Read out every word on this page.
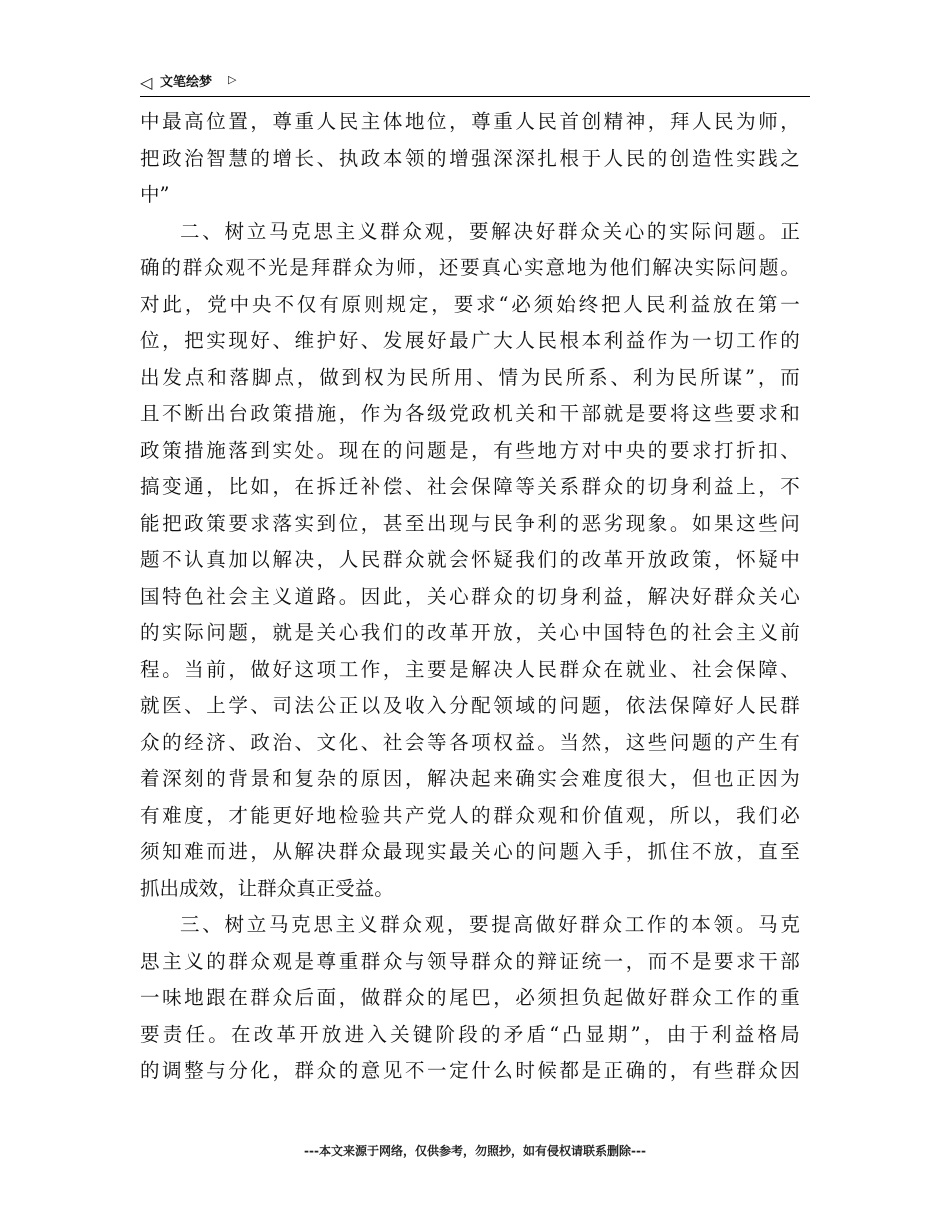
◁ 文笔绘梦 ▷
中 最 高 位 置 ， 尊 重 人 民 主 体 地 位 ， 尊 重 人 民 首 创 精 神 ， 拜 人 民 为 师 ，
把 政 治 智 慧 的 增 长 、 执 政 本 领 的 增 强 深 深 扎 根 于 人 民 的 创 造 性 实 践 之
中 ”
二 、 树 立 马 克 思 主 义 群 众 观 ， 要 解 决 好 群 众 关 心 的 实 际 问 题 。 正
确 的 群 众 观 不 光 是 拜 群 众 为 师 ， 还 要 真 心 实 意 地 为 他 们 解 决 实 际 问 题 。
对 此 ， 党 中 央 不 仅 有 原 则 规 定 ， 要 求 “ 必 须 始 终 把 人 民 利 益 放 在 第 一
位 ， 把 实 现 好 、 维 护 好 、 发 展 好 最 广 大 人 民 根 本 利 益 作 为 一 切 工 作 的
出 发 点 和 落 脚 点 ， 做 到 权 为 民 所 用 、 情 为 民 所 系 、 利 为 民 所 谋 ” ， 而
且 不 断 出 台 政 策 措 施 ， 作 为 各 级 党 政 机 关 和 干 部 就 是 要 将 这 些 要 求 和
政 策 措 施 落 到 实 处 。 现 在 的 问 题 是 ， 有 些 地 方 对 中 央 的 要 求 打 折 扣 、
搞 变 通 ， 比 如 ， 在 拆 迁 补 偿 、 社 会 保 障 等 关 系 群 众 的 切 身 利 益 上 ， 不
能 把 政 策 要 求 落 实 到 位 ， 甚 至 出 现 与 民 争 利 的 恶 劣 现 象 。 如 果 这 些 问
题 不 认 真 加 以 解 决 ， 人 民 群 众 就 会 怀 疑 我 们 的 改 革 开 放 政 策 ， 怀 疑 中
国 特 色 社 会 主 义 道 路 。 因 此 ， 关 心 群 众 的 切 身 利 益 ， 解 决 好 群 众 关 心
的 实 际 问 题 ， 就 是 关 心 我 们 的 改 革 开 放 ， 关 心 中 国 特 色 的 社 会 主 义 前
程 。 当 前 ， 做 好 这 项 工 作 ， 主 要 是 解 决 人 民 群 众 在 就 业 、 社 会 保 障 、
就 医 、 上 学 、 司 法 公 正 以 及 收 入 分 配 领 域 的 问 题 ， 依 法 保 障 好 人 民 群
众 的 经 济 、 政 治 、 文 化 、 社 会 等 各 项 权 益 。 当 然 ， 这 些 问 题 的 产 生 有
着 深 刻 的 背 景 和 复 杂 的 原 因 ， 解 决 起 来 确 实 会 难 度 很 大 ， 但 也 正 因 为
有 难 度 ， 才 能 更 好 地 检 验 共 产 党 人 的 群 众 观 和 价 值 观 ， 所 以 ， 我 们 必
须 知 难 而 进 ， 从 解 决 群 众 最 现 实 最 关 心 的 问 题 入 手 ， 抓 住 不 放 ， 直 至
抓 出 成 效 ， 让 群 众 真 正 受 益 。
三 、 树 立 马 克 思 主 义 群 众 观 ， 要 提 高 做 好 群 众 工 作 的 本 领 。 马 克
思 主 义 的 群 众 观 是 尊 重 群 众 与 领 导 群 众 的 辩 证 统 一 ， 而 不 是 要 求 干 部
一 味 地 跟 在 群 众 后 面 ， 做 群 众 的 尾 巴 ， 必 须 担 负 起 做 好 群 众 工 作 的 重
要 责 任 。 在 改 革 开 放 进 入 关 键 阶 段 的 矛 盾 “ 凸 显 期 ” ， 由 于 利 益 格 局
的 调 整 与 分 化 ， 群 众 的 意 见 不 一 定 什 么 时 候 都 是 正 确 的 ， 有 些 群 众 因
---本文来源于网络，仅供参考，勿照抄，如有侵权请联系删除---
